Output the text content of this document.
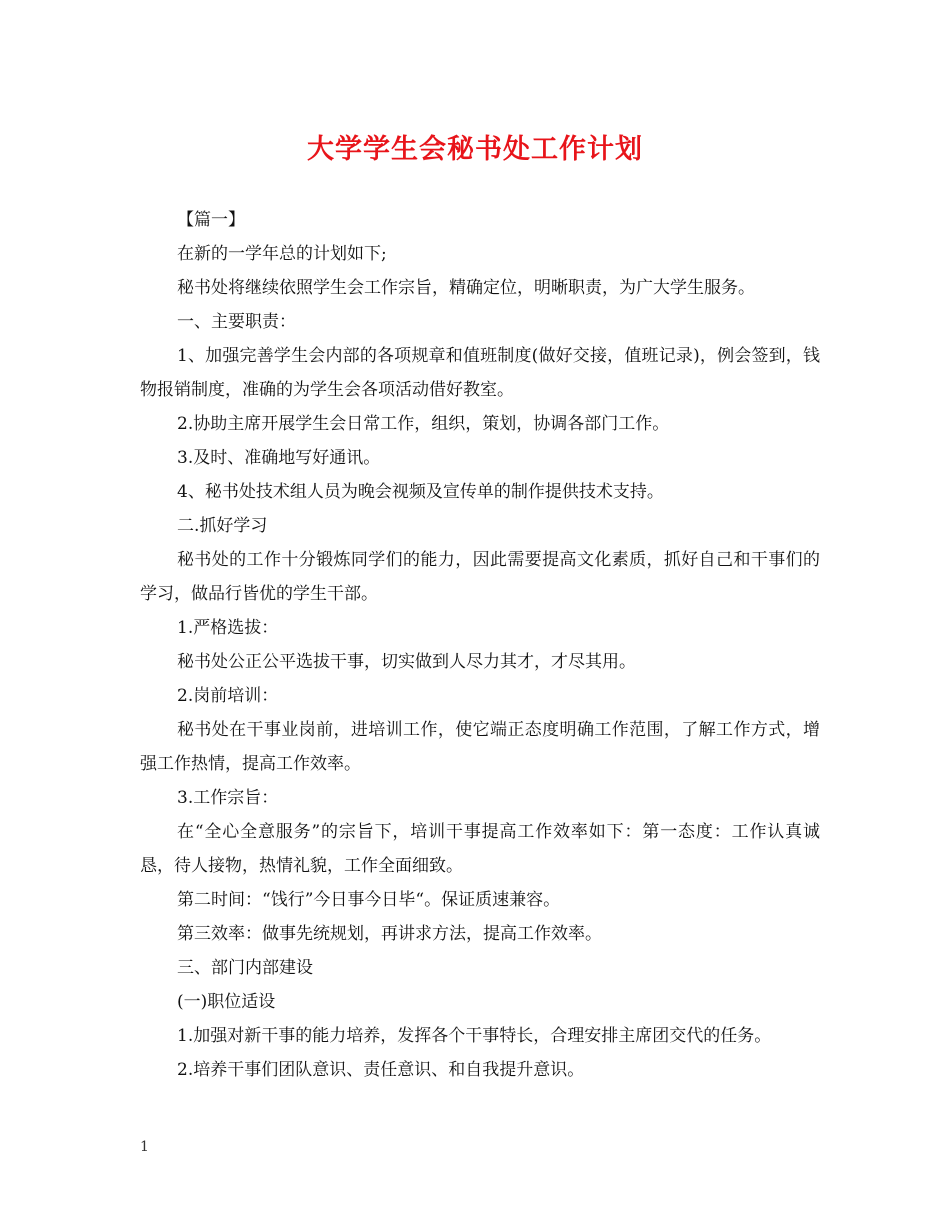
大学学生会秘书处工作计划

【篇一】

在新的一学年总的计划如下;

秘书处将继续依照学生会工作宗旨，精确定位，明晰职责，为广大学生服务。

一、主要职责：

1、加强完善学生会内部的各项规章和值班制度(做好交接，值班记录)，例会签到，钱物报销制度，准确的为学生会各项活动借好教室。

2.协助主席开展学生会日常工作，组织，策划，协调各部门工作。

3.及时、准确地写好通讯。

4、秘书处技术组人员为晚会视频及宣传单的制作提供技术支持。

二.抓好学习

秘书处的工作十分锻炼同学们的能力，因此需要提高文化素质，抓好自己和干事们的学习，做品行皆优的学生干部。

1.严格选拔：

秘书处公正公平选拔干事，切实做到人尽力其才，才尽其用。

2.岗前培训：

秘书处在干事业岗前，进培训工作，使它端正态度明确工作范围，了解工作方式，增强工作热情，提高工作效率。

3.工作宗旨：

在“全心全意服务”的宗旨下，培训干事提高工作效率如下：第一态度：工作认真诚恳，待人接物，热情礼貌，工作全面细致。

第二时间：“饯行”今日事今日毕“。保证质速兼容。

第三效率：做事先统规划，再讲求方法，提高工作效率。

三、部门内部建设

(一)职位适设

1.加强对新干事的能力培养，发挥各个干事特长，合理安排主席团交代的任务。

2.培养干事们团队意识、责任意识、和自我提升意识。

1
